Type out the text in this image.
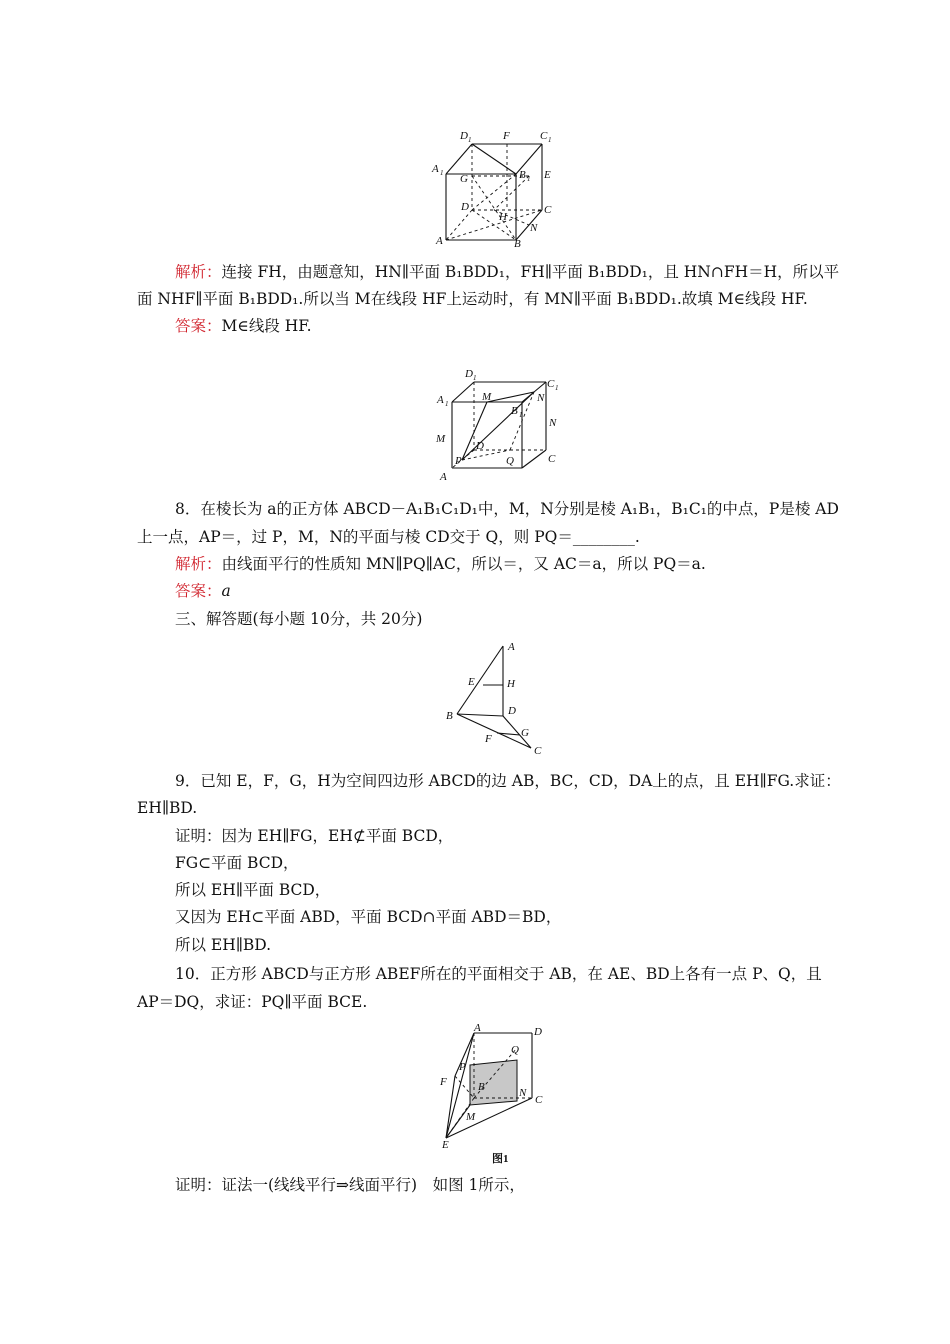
D 1	F	C 1
A 1 G	B 1 E
D
H
C
A	B
N
解析：连接 FH，由题意知，HN∥平面 B₁BDD₁，FH∥平面 B₁BDD₁，且 HN∩FH＝H，所以平
面 NHF∥平面 B₁BDD₁.所以当 M在线段 HF上运动时，有 MN∥平面 B₁BDD₁.故填 M∈线段 HF.
答案：M∈线段 HF.
D 1	C 1
A 1
M
B 1
N
M
N
D
P	Q	C
A
8．在棱长为 a的正方体 ABCD－A₁B₁C₁D₁中，M，N分别是棱 A₁B₁，B₁C₁的中点，P是棱 AD
上一点，AP＝，过 P，M，N的平面与棱 CD交于 Q，则 PQ＝________.
解析：由线面平行的性质知 MN∥PQ∥AC，所以＝，又 AC＝a，所以 PQ＝a.
答案：a
三、解答题(每小题 10分，共 20分)
A
E	H
B	D
F	G
C
9．已知 E，F，G，H为空间四边形 ABCD的边 AB，BC，CD，DA上的点，且 EH∥FG.求证：
EH∥BD.
证明：因为 EH∥FG，EH⊄平面 BCD，
FG⊂平面 BCD，
所以 EH∥平面 BCD，
又因为 EH⊂平面 ABD，平面 BCD∩平面 ABD＝BD，
所以 EH∥BD.
10．正方形 ABCD与正方形 ABEF所在的平面相交于 AB，在 AE、BD上各有一点 P、Q，且
AP＝DQ，求证：PQ∥平面 BCE.
A	D
Q
P
F	B	N
C
M
E
图1
证明：证法一(线线平行⇒线面平行)　如图 1所示，
